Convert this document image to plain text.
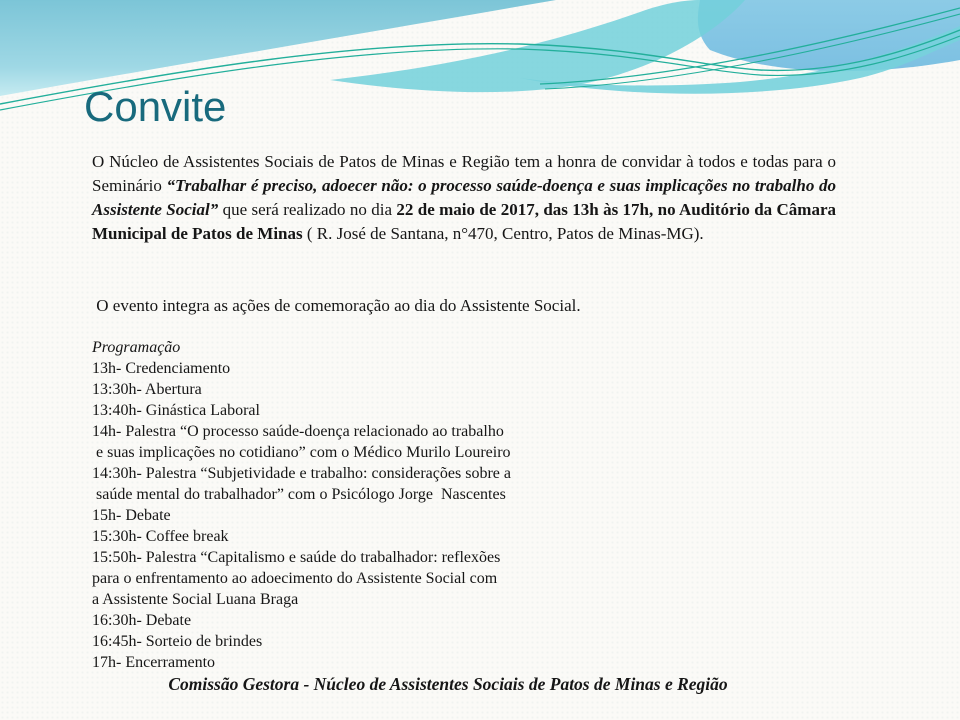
Convite

O Núcleo de Assistentes Sociais de Patos de Minas e Região tem a honra de convidar à todos e todas para o Seminário “Trabalhar é preciso, adoecer não: o processo saúde-doença e suas implicações no trabalho do Assistente Social” que será realizado no dia 22 de maio de 2017, das 13h às 17h, no Auditório da Câmara Municipal de Patos de Minas ( R. José de Santana, n°470, Centro, Patos de Minas-MG).

O evento integra as ações de comemoração ao dia do Assistente Social.

Programação
13h- Credenciamento
13:30h- Abertura
13:40h- Ginástica Laboral
14h- Palestra “O processo saúde-doença relacionado ao trabalho
e suas implicações no cotidiano” com o Médico Murilo Loureiro
14:30h- Palestra “Subjetividade e trabalho: considerações sobre a
saúde mental do trabalhador” com o Psicólogo Jorge  Nascentes
15h- Debate
15:30h- Coffee break
15:50h- Palestra “Capitalismo e saúde do trabalhador: reflexões
para o enfrentamento ao adoecimento do Assistente Social com
a Assistente Social Luana Braga
16:30h- Debate
16:45h- Sorteio de brindes
17h- Encerramento

Comissão Gestora - Núcleo de Assistentes Sociais de Patos de Minas e Região
